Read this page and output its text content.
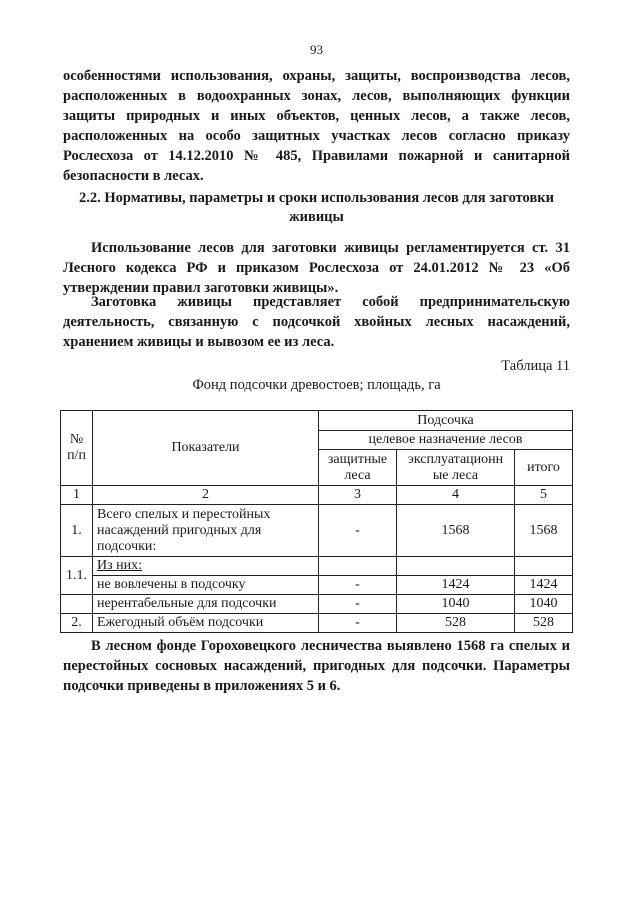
93

особенностями использования, охраны, защиты, воспроизводства лесов, расположенных в водоохранных зонах, лесов, выполняющих функции защиты природных и иных объектов, ценных лесов, а также лесов, расположенных на особо защитных участках лесов согласно приказу Рослесхоза от 14.12.2010 № 485, Правилами пожарной и санитарной безопасности в лесах.

2.2. Нормативы, параметры и сроки использования лесов для заготовки живицы

Использование лесов для заготовки живицы регламентируется ст. 31 Лесного кодекса РФ и приказом Рослесхоза от 24.01.2012 № 23 «Об утверждении правил заготовки живицы».

Заготовка живицы представляет собой предпринимательскую деятельность, связанную с подсочкой хвойных лесных насаждений, хранением живицы и вывозом ее из леса.

Таблица 11
Фонд подсочки древостоев; площадь, га
№ п/п	Показатели	Подсочка		
		целевое назначение лесов		
		защитные леса	эксплуатационн ые леса	итого
1	2	3	4	5
1.	Всего спелых и перестойных насаждений пригодных для подсочки:	-	1568	1568
1.1.	Из них:			
	не вовлечены в подсочку	-	1424	1424
	нерентабельные для подсочки	-	1040	1040
2.	Ежегодный объём подсочки	-	528	528

В лесном фонде Гороховецкого лесничества выявлено 1568 га спелых и перестойных сосновых насаждений, пригодных для подсочки. Параметры подсочки приведены в приложениях 5 и 6.
